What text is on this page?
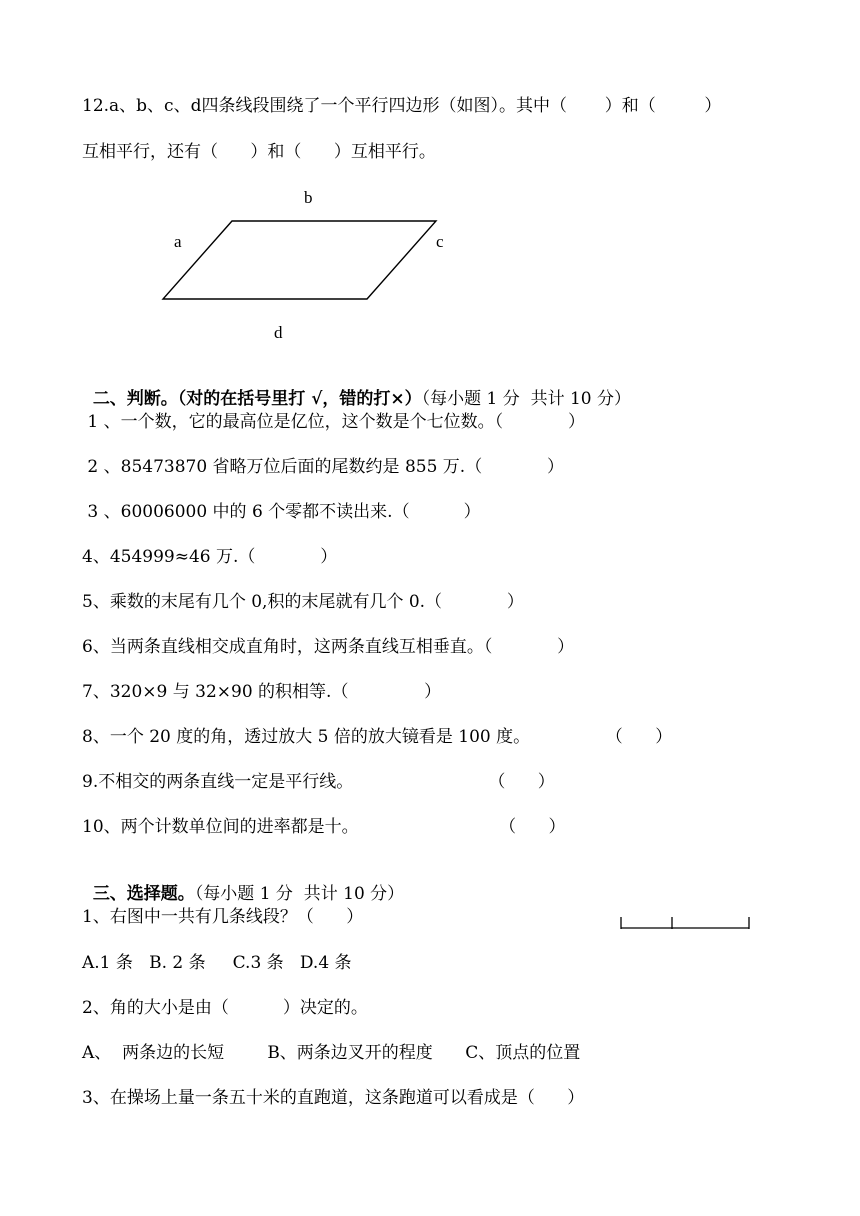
12.a、b、c、d四条线段围绕了一个平行四边形（如图）。其中（       ）和（         ）
互相平行，还有（      ）和（      ）互相平行。
b
a	c
d

二、判断。（对的在括号里打 √，错的打×）（每小题 1 分  共计 10 分）

1 、一个数，它的最高位是亿位，这个数是个七位数。（            ）
2 、85473870 省略万位后面的尾数约是 855 万.（            ）
3 、60006000 中的 6 个零都不读出来.（          ）
4、454999≈46 万.（            ）
5、乘数的末尾有几个 0,积的末尾就有几个 0.（            ）
6、当两条直线相交成直角时，这两条直线互相垂直。（            ）
7、320×9 与 32×90 的积相等.（              ）
8、一个 20 度的角，透过放大 5 倍的放大镜看是 100 度。              （      ）
9.不相交的两条直线一定是平行线。                         （      ）
10、两个计数单位间的进率都是十。                          （      ）

三、选择题。（每小题 1 分  共计 10 分）

1、右图中一共有几条线段？（      ）
A.1 条   B. 2 条     C.3 条   D.4 条
2、角的大小是由（          ）决定的。
A、  两条边的长短        B、两条边叉开的程度      C、顶点的位置
3、在操场上量一条五十米的直跑道，这条跑道可以看成是（      ）
